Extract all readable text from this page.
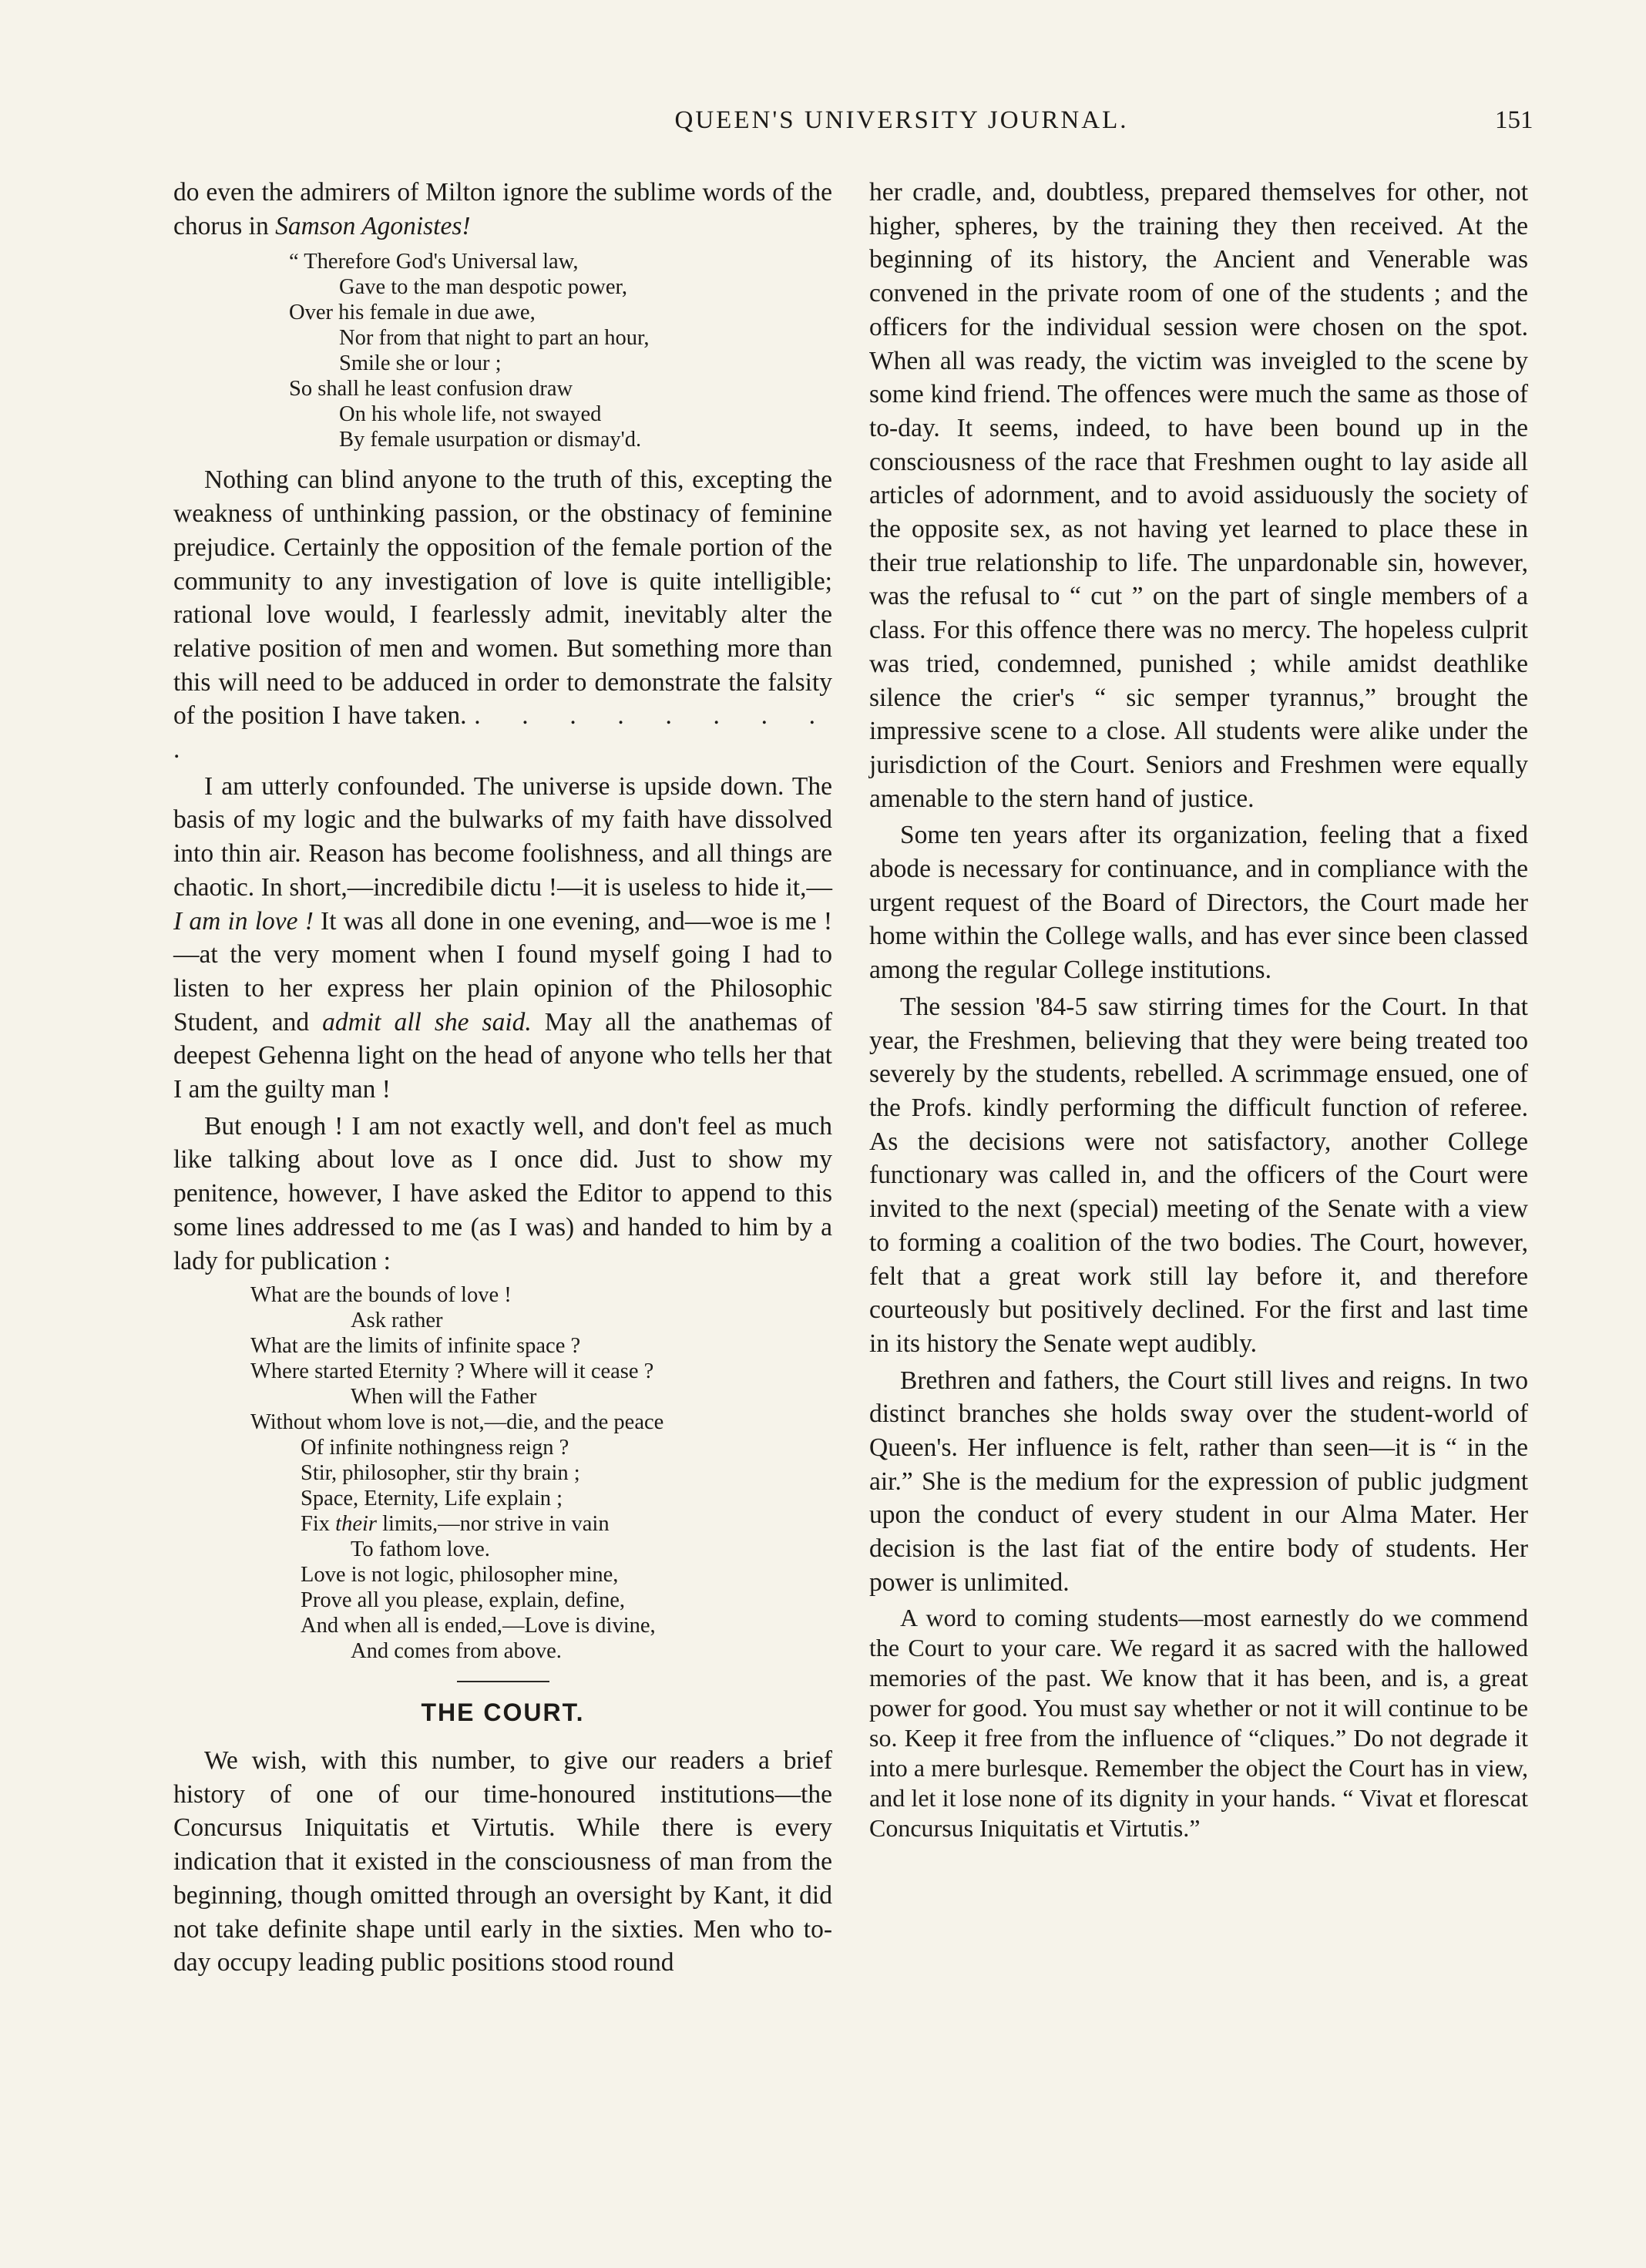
QUEEN'S UNIVERSITY JOURNAL.	151

do even the admirers of Milton ignore the sublime words of the chorus in Samson Agonistes!

“ Therefore God's Universal law,
Gave to the man despotic power,
Over his female in due awe,
Nor from that night to part an hour,
Smile she or lour ;
So shall he least confusion draw
On his whole life, not swayed
By female usurpation or dismay'd.

Nothing can blind anyone to the truth of this, excepting the weakness of unthinking passion, or the obstinacy of feminine prejudice. Certainly the opposition of the female portion of the community to any investigation of love is quite intelligible; rational love would, I fearlessly admit, inevitably alter the relative position of men and women. But something more than this will need to be adduced in order to demonstrate the falsity of the position I have taken. . . . . . . . . .

I am utterly confounded. The universe is upside down. The basis of my logic and the bulwarks of my faith have dissolved into thin air. Reason has become foolishness, and all things are chaotic. In short,—incredibile dictu !—it is useless to hide it,— I am in love ! It was all done in one evening, and—woe is me !—at the very moment when I found myself going I had to listen to her express her plain opinion of the Philosophic Student, and admit all she said. May all the anathemas of deepest Gehenna light on the head of anyone who tells her that I am the guilty man !

But enough ! I am not exactly well, and don't feel as much like talking about love as I once did. Just to show my penitence, however, I have asked the Editor to append to this some lines addressed to me (as I was) and handed to him by a lady for publication :

What are the bounds of love !
Ask rather
What are the limits of infinite space ?
Where started Eternity ? Where will it cease ?
When will the Father
Without whom love is not,—die, and the peace
Of infinite nothingness reign ?
Stir, philosopher, stir thy brain ;
Space, Eternity, Life explain ;
Fix their limits,—nor strive in vain
To fathom love.
Love is not logic, philosopher mine,
Prove all you please, explain, define,
And when all is ended,—Love is divine,
And comes from above.
THE COURT.

We wish, with this number, to give our readers a brief history of one of our time-honoured institutions—the Concursus Iniquitatis et Virtutis. While there is every indication that it existed in the consciousness of man from the beginning, though omitted through an oversight by Kant, it did not take definite shape until early in the sixties. Men who to-day occupy leading public positions stood round

her cradle, and, doubtless, prepared themselves for other, not higher, spheres, by the training they then received. At the beginning of its history, the Ancient and Venerable was convened in the private room of one of the students ; and the officers for the individual session were chosen on the spot. When all was ready, the victim was inveigled to the scene by some kind friend. The offences were much the same as those of to-day. It seems, indeed, to have been bound up in the consciousness of the race that Freshmen ought to lay aside all articles of adornment, and to avoid assiduously the society of the opposite sex, as not having yet learned to place these in their true relationship to life. The unpardonable sin, however, was the refusal to “ cut ” on the part of single members of a class. For this offence there was no mercy. The hopeless culprit was tried, condemned, punished ; while amidst deathlike silence the crier's “ sic semper tyrannus,” brought the impressive scene to a close. All students were alike under the jurisdiction of the Court. Seniors and Freshmen were equally amenable to the stern hand of justice.

Some ten years after its organization, feeling that a fixed abode is necessary for continuance, and in compliance with the urgent request of the Board of Directors, the Court made her home within the College walls, and has ever since been classed among the regular College institutions.

The session '84-5 saw stirring times for the Court. In that year, the Freshmen, believing that they were being treated too severely by the students, rebelled. A scrimmage ensued, one of the Profs. kindly performing the difficult function of referee. As the decisions were not satisfactory, another College functionary was called in, and the officers of the Court were invited to the next (special) meeting of the Senate with a view to forming a coalition of the two bodies. The Court, however, felt that a great work still lay before it, and therefore courteously but positively declined. For the first and last time in its history the Senate wept audibly.

Brethren and fathers, the Court still lives and reigns. In two distinct branches she holds sway over the student-world of Queen's. Her influence is felt, rather than seen—it is “ in the air.” She is the medium for the expression of public judgment upon the conduct of every student in our Alma Mater. Her decision is the last fiat of the entire body of students. Her power is unlimited.

A word to coming students—most earnestly do we commend the Court to your care. We regard it as sacred with the hallowed memories of the past. We know that it has been, and is, a great power for good. You must say whether or not it will continue to be so. Keep it free from the influence of “cliques.” Do not degrade it into a mere burlesque. Remember the object the Court has in view, and let it lose none of its dignity in your hands. “ Vivat et florescat Concursus Iniquitatis et Virtutis.”
